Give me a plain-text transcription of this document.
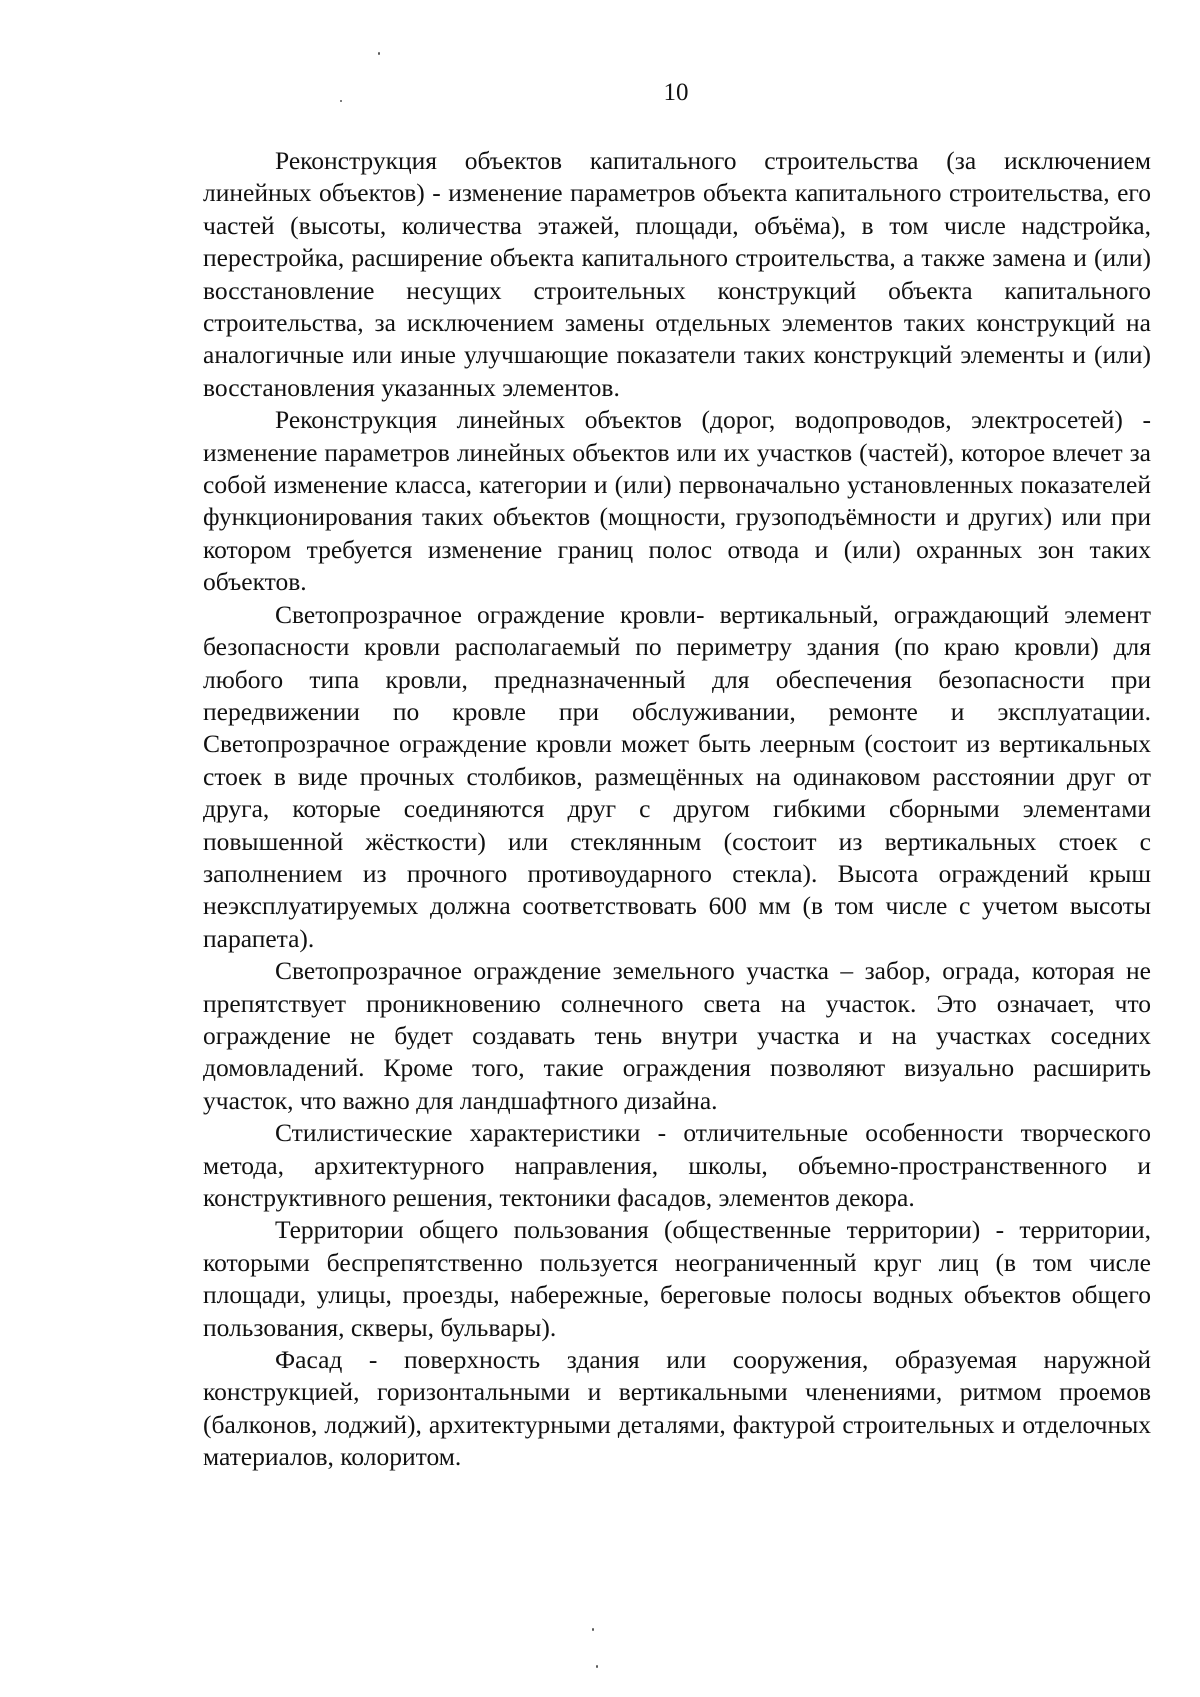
10

Реконструкция объектов капитального строительства (за исключением линейных объектов) - изменение параметров объекта капитального строительства, его частей (высоты, количества этажей, площади, объёма), в том числе надстройка, перестройка, расширение объекта капитального строительства, а также замена и (или) восстановление несущих строительных конструкций объекта капитального строительства, за исключением замены отдельных элементов таких конструкций на аналогичные или иные улучшающие показатели таких конструкций элементы и (или) восстановления указанных элементов.

Реконструкция линейных объектов (дорог, водопроводов, электросетей) - изменение параметров линейных объектов или их участков (частей), которое влечет за собой изменение класса, категории и (или) первоначально установленных показателей функционирования таких объектов (мощности, грузоподъёмности и других) или при котором требуется изменение границ полос отвода и (или) охранных зон таких объектов.

Светопрозрачное ограждение кровли- вертикальный, ограждающий элемент безопасности кровли располагаемый по периметру здания (по краю кровли) для любого типа кровли, предназначенный для обеспечения безопасности при передвижении по кровле при обслуживании, ремонте и эксплуатации. Светопрозрачное ограждение кровли может быть леерным (состоит из вертикальных стоек в виде прочных столбиков, размещённых на одинаковом расстоянии друг от друга, которые соединяются друг с другом гибкими сборными элементами повышенной жёсткости) или стеклянным (состоит из вертикальных стоек с заполнением из прочного противоударного стекла). Высота ограждений крыш неэксплуатируемых должна соответствовать 600 мм (в том числе с учетом высоты парапета).

Светопрозрачное ограждение земельного участка – забор, ограда, которая не препятствует проникновению солнечного света на участок. Это означает, что ограждение не будет создавать тень внутри участка и на участках соседних домовладений. Кроме того, такие ограждения позволяют визуально расширить участок, что важно для ландшафтного дизайна.

Стилистические характеристики - отличительные особенности творческого метода, архитектурного направления, школы, объемно-пространственного и конструктивного решения, тектоники фасадов, элементов декора.

Территории общего пользования (общественные территории) - территории, которыми беспрепятственно пользуется неограниченный круг лиц (в том числе площади, улицы, проезды, набережные, береговые полосы водных объектов общего пользования, скверы, бульвары).

Фасад - поверхность здания или сооружения, образуемая наружной конструкцией, горизонтальными и вертикальными членениями, ритмом проемов (балконов, лоджий), архитектурными деталями, фактурой строительных и отделочных материалов, колоритом.
